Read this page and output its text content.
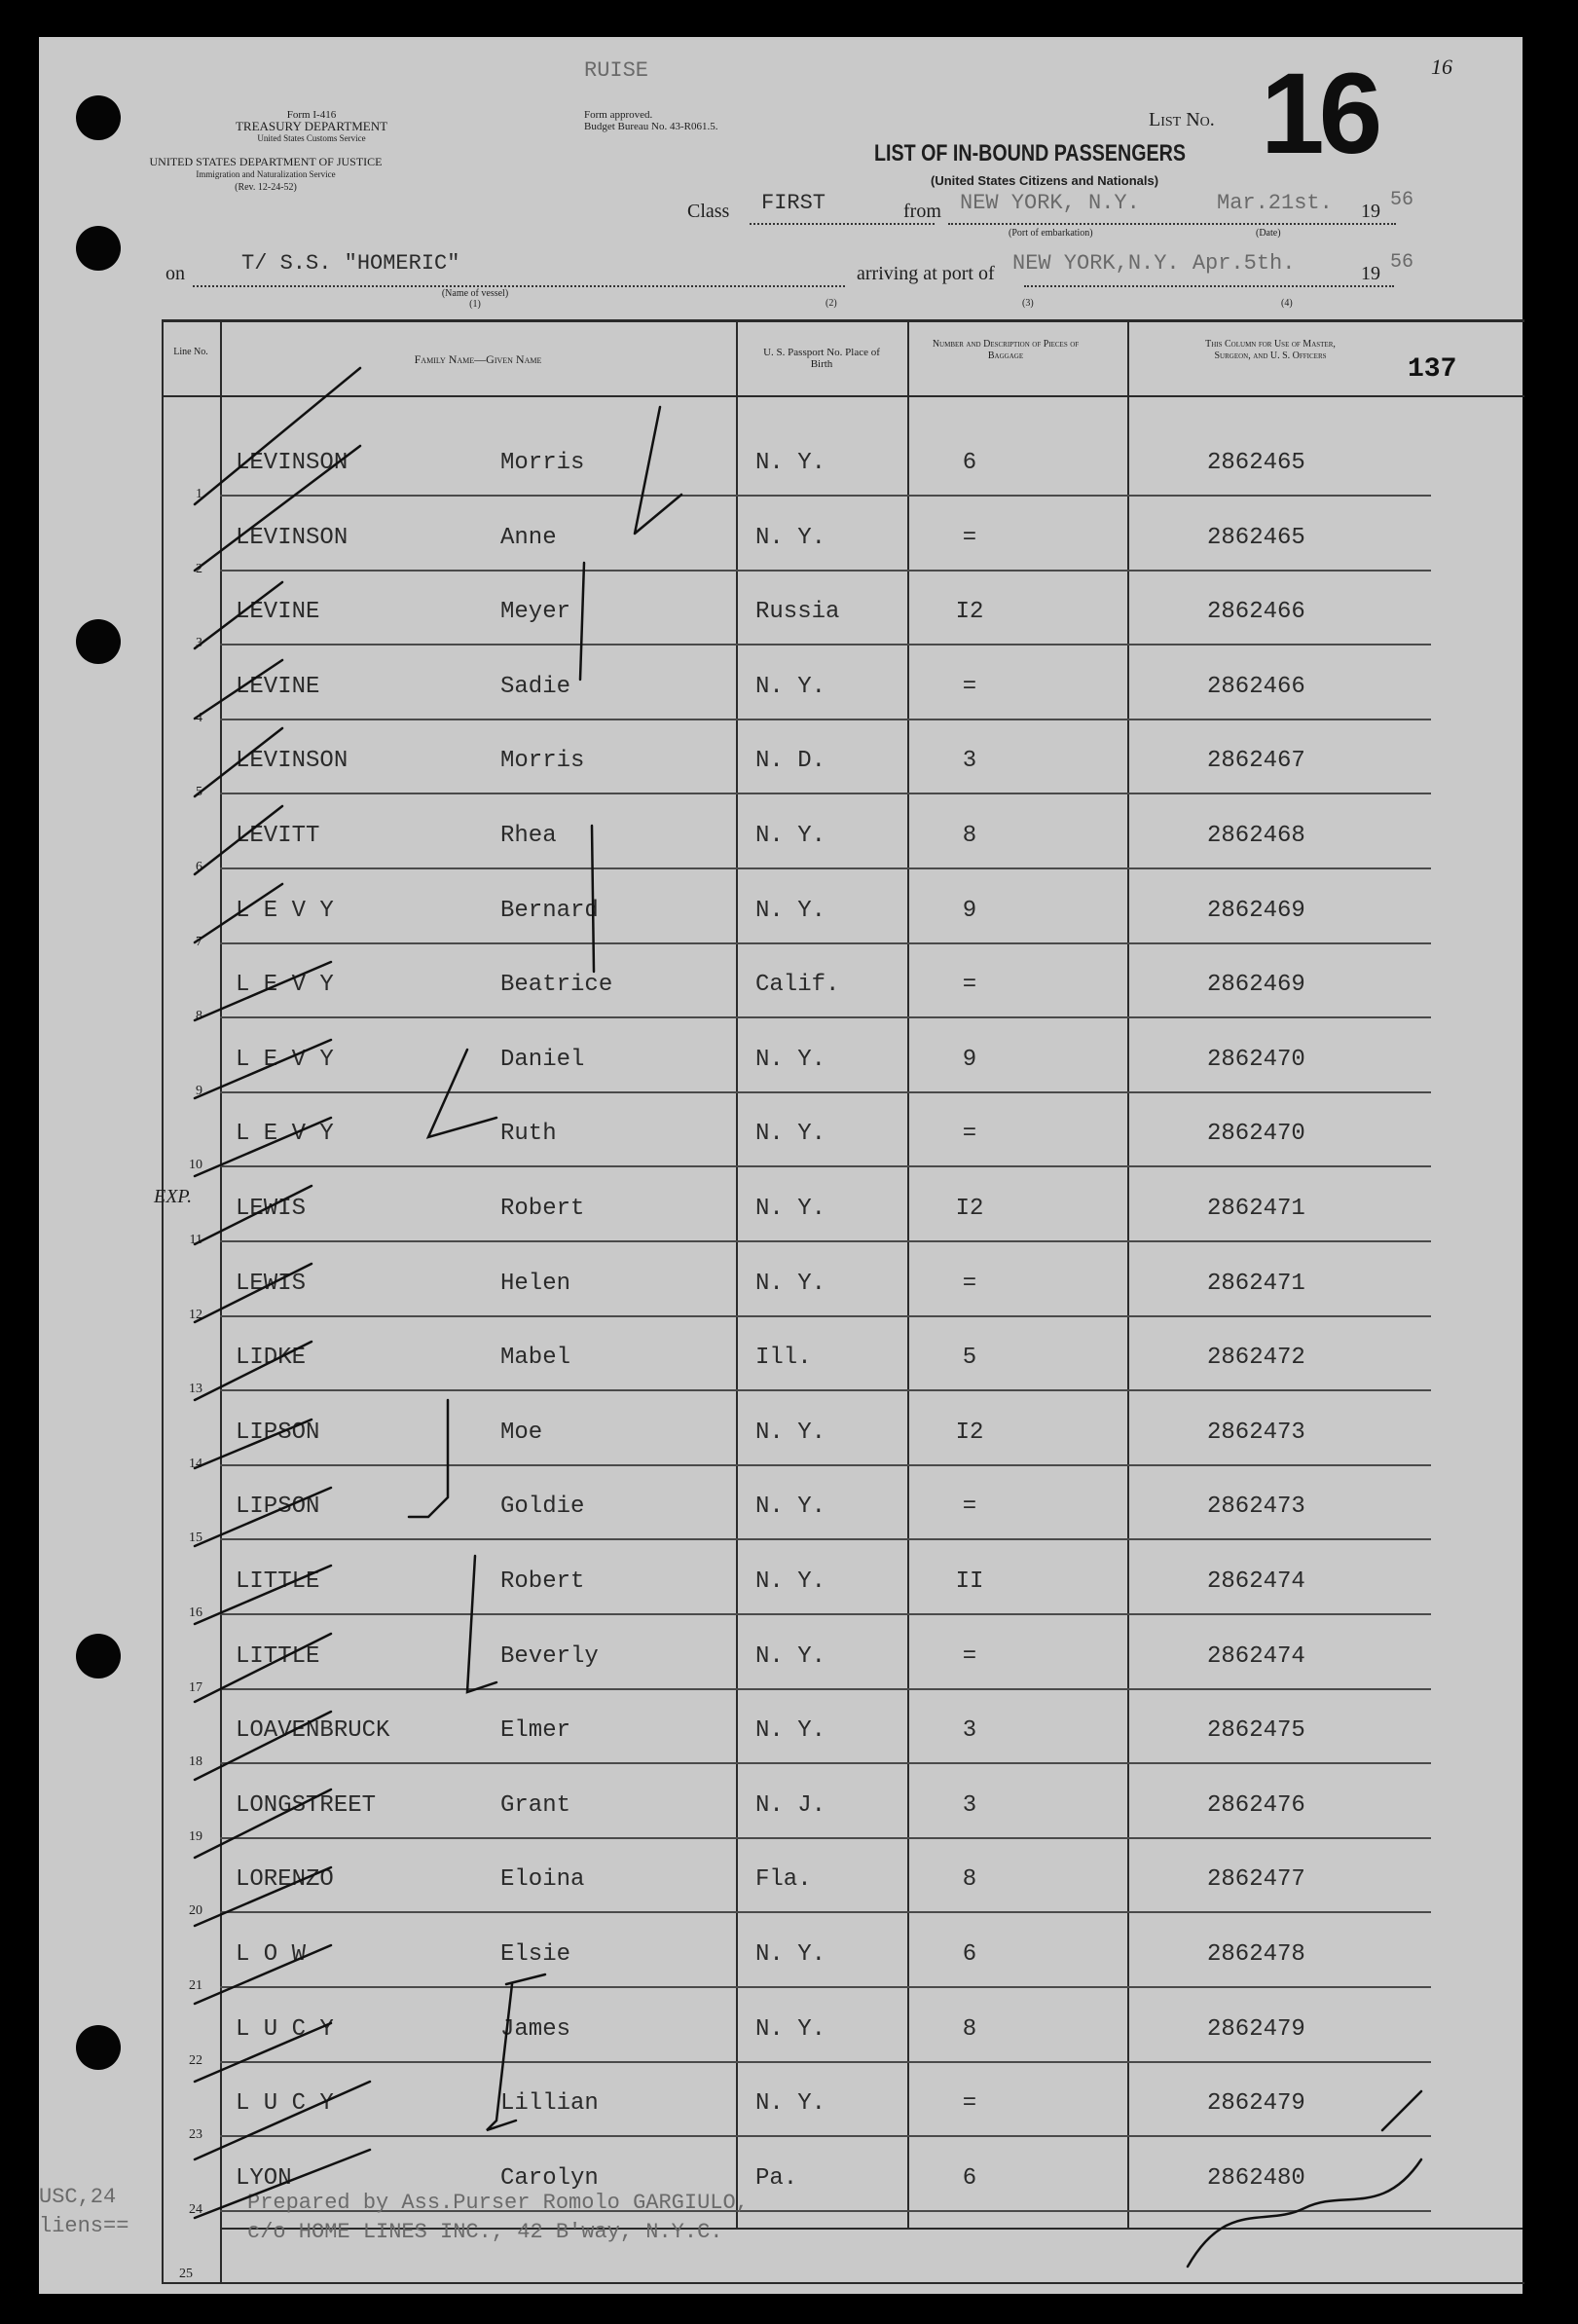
RUISE
Form I-416
TREASURY DEPARTMENT
United States Customs Service
UNITED STATES DEPARTMENT OF JUSTICE
Immigration and Naturalization Service
(Rev. 12-24-52)
Form approved.
Budget Bureau No. 43-R061.5.	List No. 16	16
LIST OF IN-BOUND PASSENGERS
(United States Citizens and Nationals)
Class FIRST	from NEW YORK, N.Y.	Mar.21st. 19 56
(Port of embarkation)	(Date)
on	T/ S.S. "HOMERIC"
(Name of vessel)
(1)
arriving at port of NEW YORK,N.Y. Apr.5th.	19 56
(2)	(3)	(4)
Line No.
Family Name—Given Name	U. S. Passport No. Place of Birth
Number and Description of Pieces of Baggage
This Column for Use of Master, Surgeon, and U. S. Officers	137
1
LEVINSON	Morris	N. Y.	6	2862465
2
LEVINSON	Anne	N. Y.	=	2862465
3
LEVINE	Meyer	Russia	I2	2862466
4
LEVINE	Sadie	N. Y.	=	2862466
5
LEVINSON	Morris	N. D.	3	2862467
6
LEVITT	Rhea	N. Y.	8	2862468
7
L E V Y	Bernard	N. Y.	9	2862469
8
L E V Y	Beatrice	Calif.	=	2862469
9
L E V Y	Daniel	N. Y.	9	2862470
10
L E V Y	Ruth	N. Y.	=	2862470
11
LEWIS	Robert	N. Y.	I2	2862471
12
LEWIS	Helen	N. Y.	=	2862471
13
LIDKE	Mabel	Ill.	5	2862472
14
LIPSON	Moe	N. Y.	I2	2862473
15
LIPSON	Goldie	N. Y.	=	2862473
16
LITTLE	Robert	N. Y.	II	2862474
17
LITTLE	Beverly	N. Y.	=	2862474
18
LOAVENBRUCK	Elmer	N. Y.	3	2862475
19
LONGSTREET	Grant	N. J.	3	2862476
20
LORENZO	Eloina	Fla.	8	2862477
21
L O W	Elsie	N. Y.	6	2862478
22
L U C Y	James	N. Y.	8	2862479
23
L U C Y	Lillian	N. Y.	=	2862479
24
LYON	Carolyn	Pa.	6	2862480
Prepared by Ass.Purser Romolo GARGIULO,
c/o HOME LINES INC., 42 B'way, N.Y.C.
25
USC,24
liens==
EXP.
